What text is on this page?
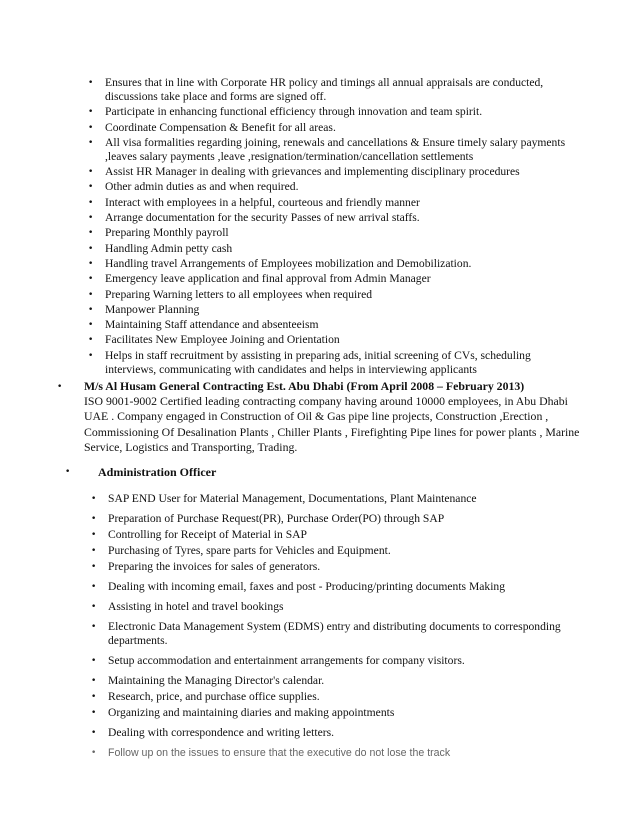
• Ensures that in line with Corporate HR policy and timings all annual appraisals are conducted, discussions take place and forms are signed off.
• Participate in enhancing functional efficiency through innovation and team spirit.
• Coordinate Compensation & Benefit for all areas.
• All visa formalities regarding joining, renewals and cancellations & Ensure timely salary payments ,leaves salary payments ,leave ,resignation/termination/cancellation settlements
• Assist HR Manager in dealing with grievances and implementing disciplinary procedures
• Other admin duties as and when required.
• Interact with employees in a helpful, courteous and friendly manner
• Arrange documentation for the security Passes of new arrival staffs.
• Preparing Monthly payroll
• Handling Admin petty cash
• Handling travel Arrangements of Employees mobilization and Demobilization.
• Emergency leave application and final approval from Admin Manager
• Preparing Warning letters to all employees when required
• Manpower Planning
• Maintaining Staff attendance and absenteeism
• Facilitates New Employee Joining and Orientation
• Helps in staff recruitment by assisting in preparing ads, initial screening of CVs, scheduling interviews, communicating with candidates and helps in interviewing applicants
• M/s Al Husam General Contracting Est. Abu Dhabi (From April 2008 – February 2013)
ISO 9001-9002 Certified leading contracting company having around 10000 employees, in Abu Dhabi UAE . Company engaged in Construction of Oil & Gas pipe line projects, Construction ,Erection , Commissioning Of Desalination Plants , Chiller Plants , Firefighting Pipe lines for power plants , Marine Service, Logistics and Transporting, Trading.
• Administration Officer
• SAP END User for Material Management, Documentations, Plant Maintenance
• Preparation of Purchase Request(PR), Purchase Order(PO) through SAP
• Controlling for Receipt of Material in SAP
• Purchasing of Tyres, spare parts for Vehicles and Equipment.
• Preparing the invoices for sales of generators.
• Dealing with incoming email, faxes and post - Producing/printing documents Making
• Assisting in hotel and travel bookings
• Electronic Data Management System (EDMS) entry and distributing documents to corresponding departments.
• Setup accommodation and entertainment arrangements for company visitors.
• Maintaining the Managing Director's calendar.
• Research, price, and purchase office supplies.
• Organizing and maintaining diaries and making appointments
• Dealing with correspondence and writing letters.
• Follow up on the issues to ensure that the executive do not lose the track
